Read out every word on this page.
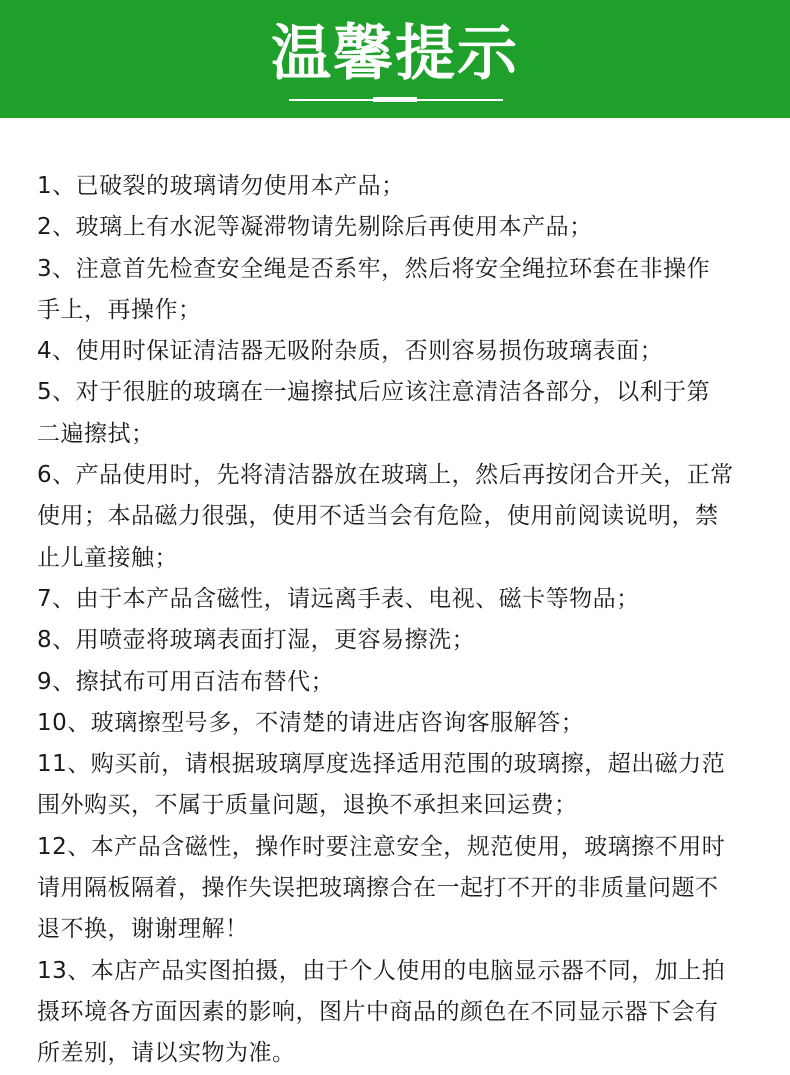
温馨提示
1、已破裂的玻璃请勿使用本产品；
2、玻璃上有水泥等凝滞物请先剔除后再使用本产品；
3、注意首先检查安全绳是否系牢，然后将安全绳拉环套在非操作
手上，再操作；
4、使用时保证清洁器无吸附杂质，否则容易损伤玻璃表面；
5、对于很脏的玻璃在一遍擦拭后应该注意清洁各部分，以利于第
二遍擦拭；
6、产品使用时，先将清洁器放在玻璃上，然后再按闭合开关，正常
使用；本品磁力很强，使用不适当会有危险，使用前阅读说明，禁
止儿童接触；
7、由于本产品含磁性，请远离手表、电视、磁卡等物品；
8、用喷壶将玻璃表面打湿，更容易擦洗；
9、擦拭布可用百洁布替代；
10、玻璃擦型号多，不清楚的请进店咨询客服解答；
11、购买前，请根据玻璃厚度选择适用范围的玻璃擦，超出磁力范
围外购买，不属于质量问题，退换不承担来回运费；
12、本产品含磁性，操作时要注意安全，规范使用，玻璃擦不用时
请用隔板隔着，操作失误把玻璃擦合在一起打不开的非质量问题不
退不换，谢谢理解！
13、本店产品实图拍摄，由于个人使用的电脑显示器不同，加上拍
摄环境各方面因素的影响，图片中商品的颜色在不同显示器下会有
所差别，请以实物为准。
